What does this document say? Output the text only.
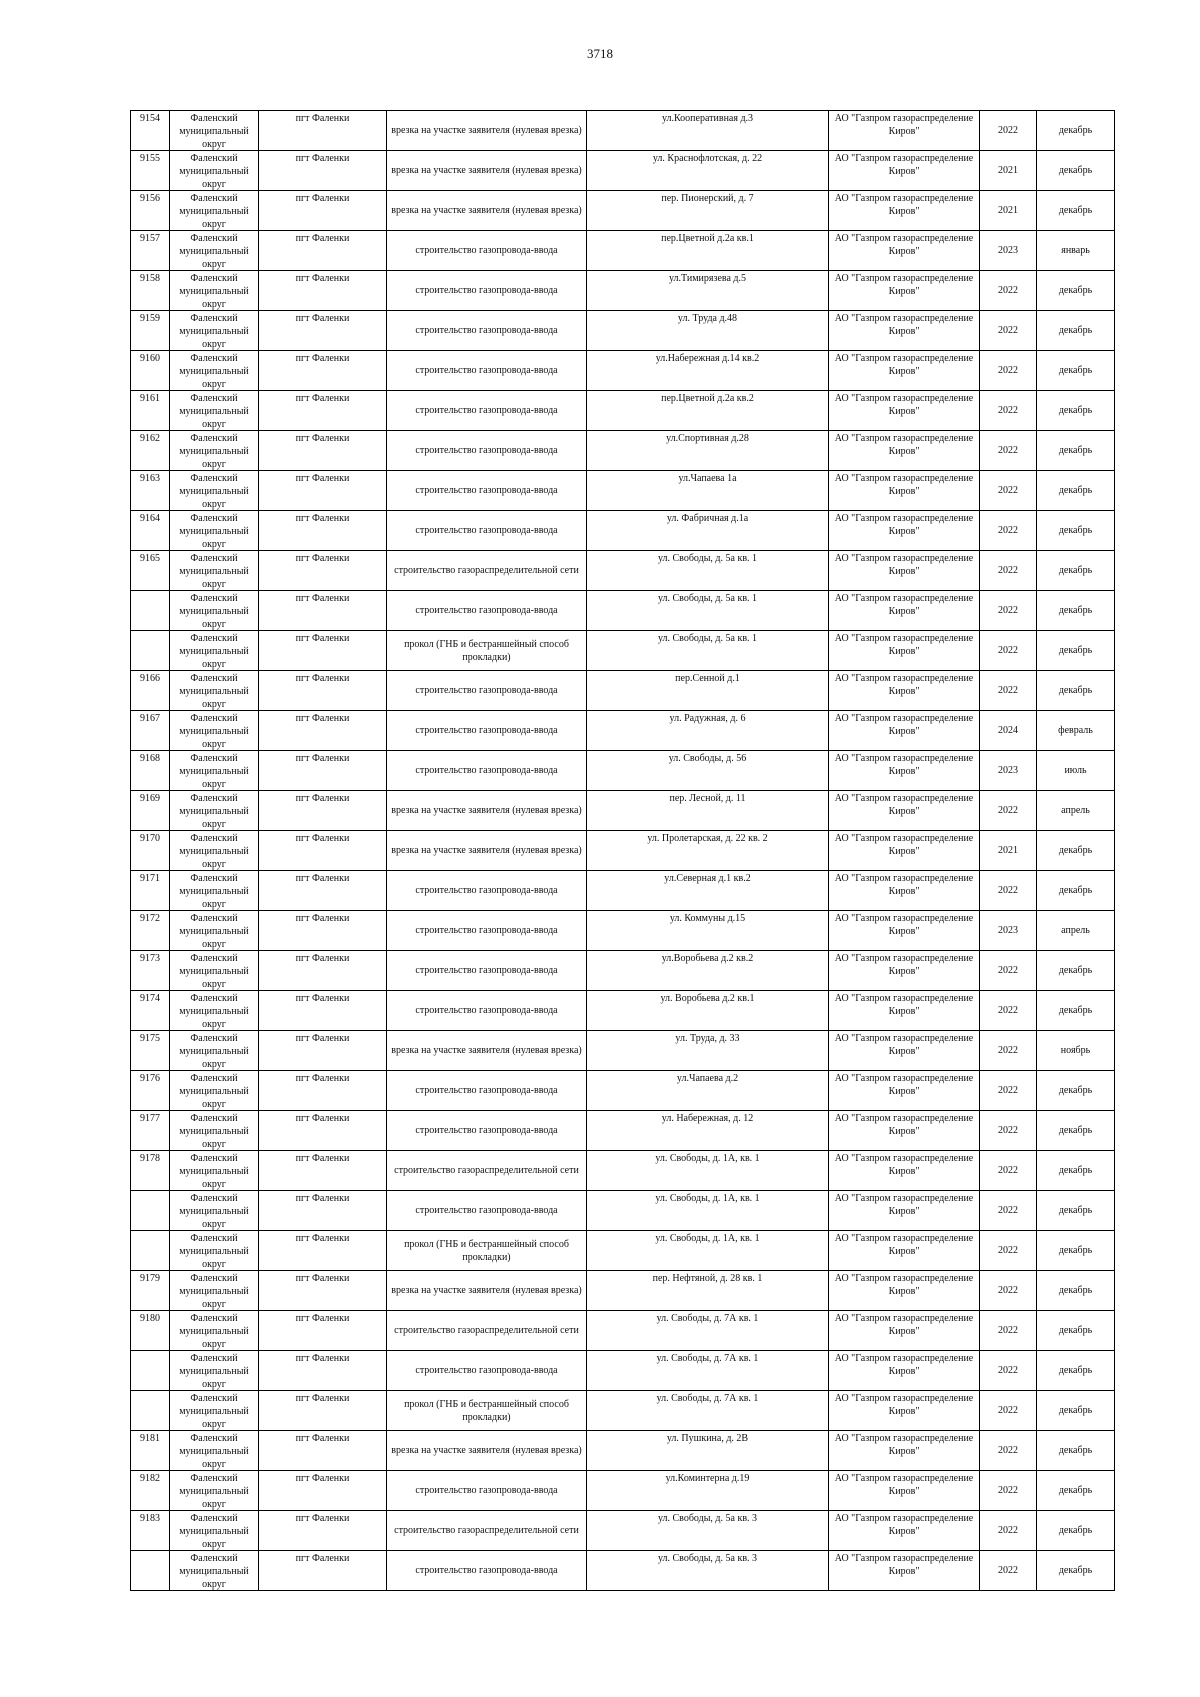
3718
9154	Фаленский муниципальный округ	пгт Фаленки	врезка на участке заявителя (нулевая врезка)	ул.Кооперативная д.3	АО "Газпром газораспределение Киров"	2022	декабрь
9155	Фаленский муниципальный округ	пгт Фаленки	врезка на участке заявителя (нулевая врезка)	ул. Краснофлотская, д. 22	АО "Газпром газораспределение Киров"	2021	декабрь
9156	Фаленский муниципальный округ	пгт Фаленки	врезка на участке заявителя (нулевая врезка)	пер. Пионерский, д. 7	АО "Газпром газораспределение Киров"	2021	декабрь
9157	Фаленский муниципальный округ	пгт Фаленки	строительство газопровода-ввода	пер.Цветной д.2а кв.1	АО "Газпром газораспределение Киров"	2023	январь
9158	Фаленский муниципальный округ	пгт Фаленки	строительство газопровода-ввода	ул.Тимирязева д.5	АО "Газпром газораспределение Киров"	2022	декабрь
9159	Фаленский муниципальный округ	пгт Фаленки	строительство газопровода-ввода	ул. Труда д.48	АО "Газпром газораспределение Киров"	2022	декабрь
9160	Фаленский муниципальный округ	пгт Фаленки	строительство газопровода-ввода	ул.Набережная д.14 кв.2	АО "Газпром газораспределение Киров"	2022	декабрь
9161	Фаленский муниципальный округ	пгт Фаленки	строительство газопровода-ввода	пер.Цветной д.2а кв.2	АО "Газпром газораспределение Киров"	2022	декабрь
9162	Фаленский муниципальный округ	пгт Фаленки	строительство газопровода-ввода	ул.Спортивная д.28	АО "Газпром газораспределение Киров"	2022	декабрь
9163	Фаленский муниципальный округ	пгт Фаленки	строительство газопровода-ввода	ул.Чапаева 1а	АО "Газпром газораспределение Киров"	2022	декабрь
9164	Фаленский муниципальный округ	пгт Фаленки	строительство газопровода-ввода	ул. Фабричная д.1а	АО "Газпром газораспределение Киров"	2022	декабрь
9165	Фаленский муниципальный округ	пгт Фаленки	строительство газораспределительной сети	ул. Свободы, д. 5а кв. 1	АО "Газпром газораспределение Киров"	2022	декабрь

	Фаленский муниципальный округ	пгт Фаленки	строительство газопровода-ввода	ул. Свободы, д. 5а кв. 1	АО "Газпром газораспределение Киров"	2022	декабрь

	Фаленский муниципальный округ	пгт Фаленки	прокол (ГНБ и бестраншейный способ прокладки)	ул. Свободы, д. 5а кв. 1	АО "Газпром газораспределение Киров"	2022	декабрь
9166	Фаленский муниципальный округ	пгт Фаленки	строительство газопровода-ввода	пер.Сенной д.1	АО "Газпром газораспределение Киров"	2022	декабрь
9167	Фаленский муниципальный округ	пгт Фаленки	строительство газопровода-ввода	ул. Радужная, д. 6	АО "Газпром газораспределение Киров"	2024	февраль
9168	Фаленский муниципальный округ	пгт Фаленки	строительство газопровода-ввода	ул. Свободы, д. 56	АО "Газпром газораспределение Киров"	2023	июль
9169	Фаленский муниципальный округ	пгт Фаленки	врезка на участке заявителя (нулевая врезка)	пер. Лесной, д. 11	АО "Газпром газораспределение Киров"	2022	апрель
9170	Фаленский муниципальный округ	пгт Фаленки	врезка на участке заявителя (нулевая врезка)	ул. Пролетарская, д. 22 кв. 2	АО "Газпром газораспределение Киров"	2021	декабрь
9171	Фаленский муниципальный округ	пгт Фаленки	строительство газопровода-ввода	ул.Северная д.1 кв.2	АО "Газпром газораспределение Киров"	2022	декабрь
9172	Фаленский муниципальный округ	пгт Фаленки	строительство газопровода-ввода	ул. Коммуны д.15	АО "Газпром газораспределение Киров"	2023	апрель
9173	Фаленский муниципальный округ	пгт Фаленки	строительство газопровода-ввода	ул.Воробьева д.2 кв.2	АО "Газпром газораспределение Киров"	2022	декабрь
9174	Фаленский муниципальный округ	пгт Фаленки	строительство газопровода-ввода	ул. Воробьева д.2 кв.1	АО "Газпром газораспределение Киров"	2022	декабрь
9175	Фаленский муниципальный округ	пгт Фаленки	врезка на участке заявителя (нулевая врезка)	ул. Труда, д. 33	АО "Газпром газораспределение Киров"	2022	ноябрь
9176	Фаленский муниципальный округ	пгт Фаленки	строительство газопровода-ввода	ул.Чапаева д.2	АО "Газпром газораспределение Киров"	2022	декабрь
9177	Фаленский муниципальный округ	пгт Фаленки	строительство газопровода-ввода	ул. Набережная, д. 12	АО "Газпром газораспределение Киров"	2022	декабрь
9178	Фаленский муниципальный округ	пгт Фаленки	строительство газораспределительной сети	ул. Свободы, д. 1А, кв. 1	АО "Газпром газораспределение Киров"	2022	декабрь

	Фаленский муниципальный округ	пгт Фаленки	строительство газопровода-ввода	ул. Свободы, д. 1А, кв. 1	АО "Газпром газораспределение Киров"	2022	декабрь

	Фаленский муниципальный округ	пгт Фаленки	прокол (ГНБ и бестраншейный способ прокладки)	ул. Свободы, д. 1А, кв. 1	АО "Газпром газораспределение Киров"	2022	декабрь
9179	Фаленский муниципальный округ	пгт Фаленки	врезка на участке заявителя (нулевая врезка)	пер. Нефтяной, д. 28 кв. 1	АО "Газпром газораспределение Киров"	2022	декабрь
9180	Фаленский муниципальный округ	пгт Фаленки	строительство газораспределительной сети	ул. Свободы, д. 7А кв. 1	АО "Газпром газораспределение Киров"	2022	декабрь

	Фаленский муниципальный округ	пгт Фаленки	строительство газопровода-ввода	ул. Свободы, д. 7А кв. 1	АО "Газпром газораспределение Киров"	2022	декабрь

	Фаленский муниципальный округ	пгт Фаленки	прокол (ГНБ и бестраншейный способ прокладки)	ул. Свободы, д. 7А кв. 1	АО "Газпром газораспределение Киров"	2022	декабрь
9181	Фаленский муниципальный округ	пгт Фаленки	врезка на участке заявителя (нулевая врезка)	ул. Пушкина, д. 2В	АО "Газпром газораспределение Киров"	2022	декабрь
9182	Фаленский муниципальный округ	пгт Фаленки	строительство газопровода-ввода	ул.Коминтерна д.19	АО "Газпром газораспределение Киров"	2022	декабрь
9183	Фаленский муниципальный округ	пгт Фаленки	строительство газораспределительной сети	ул. Свободы, д. 5а кв. 3	АО "Газпром газораспределение Киров"	2022	декабрь

	Фаленский муниципальный округ	пгт Фаленки	строительство газопровода-ввода	ул. Свободы, д. 5а кв. 3	АО "Газпром газораспределение Киров"	2022	декабрь
